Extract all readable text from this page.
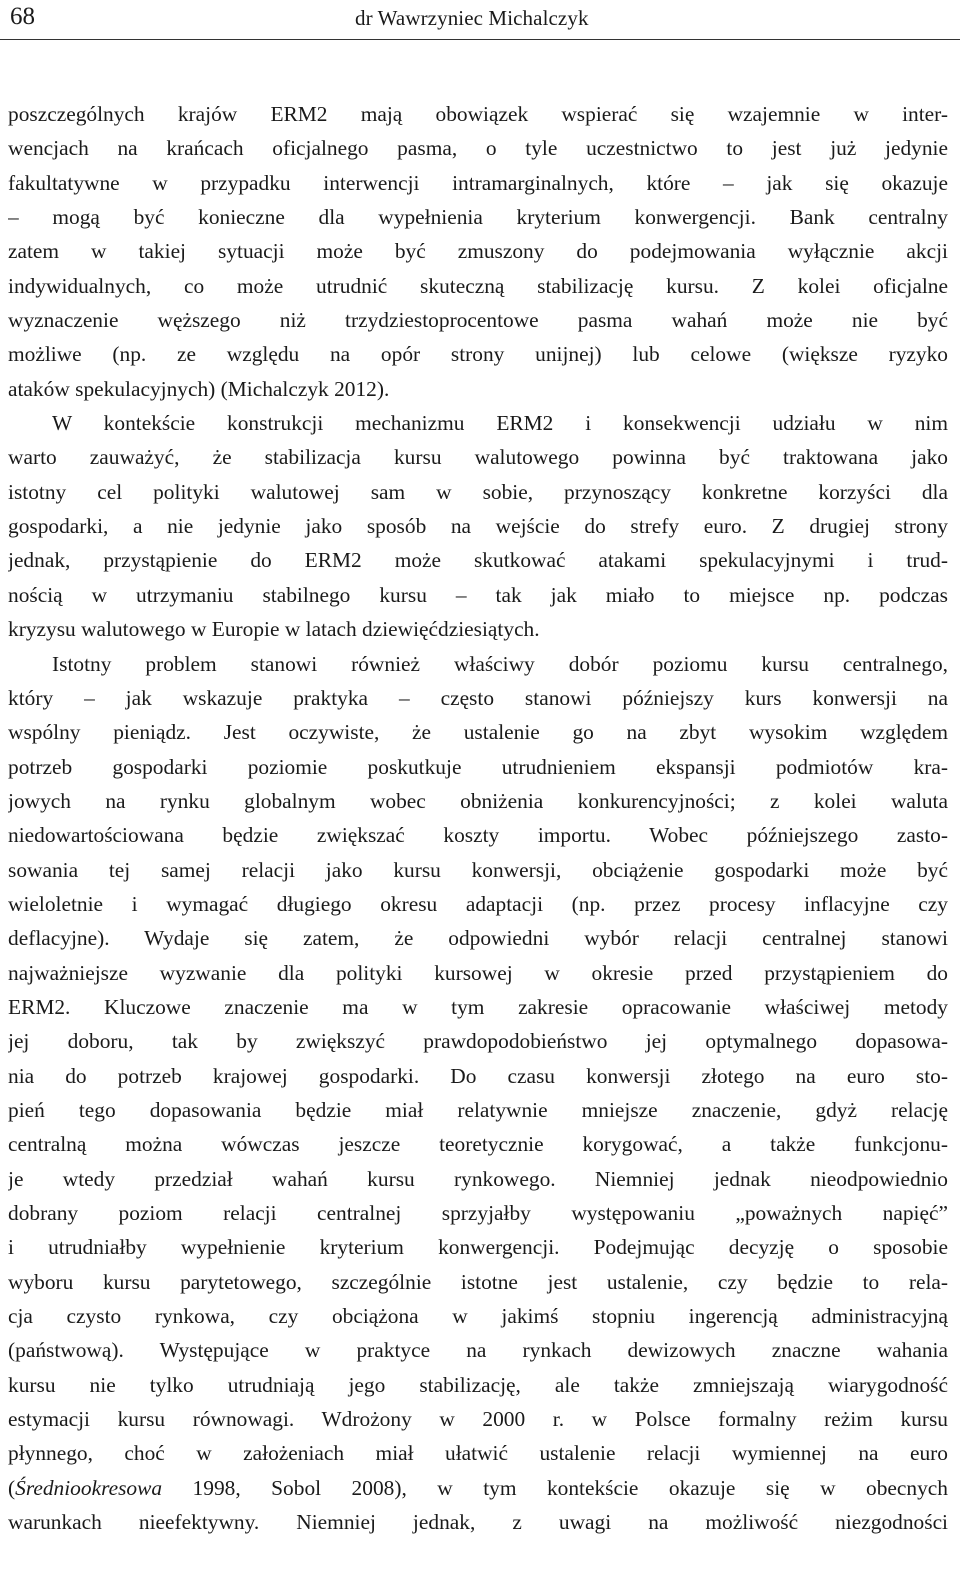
68	dr Wawrzyniec Michalczyk
poszczególnych krajów ERM2 mają obowiązek wspierać się wzajemnie w inter-
wencjach na krańcach oficjalnego pasma, o tyle uczestnictwo to jest już jedynie
fakultatywne w przypadku interwencji intramarginalnych, które – jak się okazuje
– mogą być konieczne dla wypełnienia kryterium konwergencji. Bank centralny
zatem w takiej sytuacji może być zmuszony do podejmowania wyłącznie akcji
indywidualnych, co może utrudnić skuteczną stabilizację kursu. Z kolei oficjalne
wyznaczenie węższego niż trzydziestoprocentowe pasma wahań może nie być
możliwe (np. ze względu na opór strony unijnej) lub celowe (większe ryzyko
ataków spekulacyjnych) (Michalczyk 2012).
W kontekście konstrukcji mechanizmu ERM2 i konsekwencji udziału w nim
warto zauważyć, że stabilizacja kursu walutowego powinna być traktowana jako
istotny cel polityki walutowej sam w sobie, przynoszący konkretne korzyści dla
gospodarki, a nie jedynie jako sposób na wejście do strefy euro. Z drugiej strony
jednak, przystąpienie do ERM2 może skutkować atakami spekulacyjnymi i trud-
nością w utrzymaniu stabilnego kursu – tak jak miało to miejsce np. podczas
kryzysu walutowego w Europie w latach dziewięćdziesiątych.
Istotny problem stanowi również właściwy dobór poziomu kursu centralnego,
który – jak wskazuje praktyka – często stanowi późniejszy kurs konwersji na
wspólny pieniądz. Jest oczywiste, że ustalenie go na zbyt wysokim względem
potrzeb gospodarki poziomie poskutkuje utrudnieniem ekspansji podmiotów kra-
jowych na rynku globalnym wobec obniżenia konkurencyjności; z kolei waluta
niedowartościowana będzie zwiększać koszty importu. Wobec późniejszego zasto-
sowania tej samej relacji jako kursu konwersji, obciążenie gospodarki może być
wieloletnie i wymagać długiego okresu adaptacji (np. przez procesy inflacyjne czy
deflacyjne). Wydaje się zatem, że odpowiedni wybór relacji centralnej stanowi
najważniejsze wyzwanie dla polityki kursowej w okresie przed przystąpieniem do
ERM2. Kluczowe znaczenie ma w tym zakresie opracowanie właściwej metody
jej doboru, tak by zwiększyć prawdopodobieństwo jej optymalnego dopasowa-
nia do potrzeb krajowej gospodarki. Do czasu konwersji złotego na euro sto-
pień tego dopasowania będzie miał relatywnie mniejsze znaczenie, gdyż relację
centralną można wówczas jeszcze teoretycznie korygować, a także funkcjonu-
je wtedy przedział wahań kursu rynkowego. Niemniej jednak nieodpowiednio
dobrany poziom relacji centralnej sprzyjałby występowaniu „poważnych napięć”
i utrudniałby wypełnienie kryterium konwergencji. Podejmując decyzję o sposobie
wyboru kursu parytetowego, szczególnie istotne jest ustalenie, czy będzie to rela-
cja czysto rynkowa, czy obciążona w jakimś stopniu ingerencją administracyjną
(państwową). Występujące w praktyce na rynkach dewizowych znaczne wahania
kursu nie tylko utrudniają jego stabilizację, ale także zmniejszają wiarygodność
estymacji kursu równowagi. Wdrożony w 2000 r. w Polsce formalny reżim kursu
płynnego, choć w założeniach miał ułatwić ustalenie relacji wymiennej na euro
(Średniookresowa 1998, Sobol 2008), w tym kontekście okazuje się w obecnych
warunkach nieefektywny. Niemniej jednak, z uwagi na możliwość niezgodności
